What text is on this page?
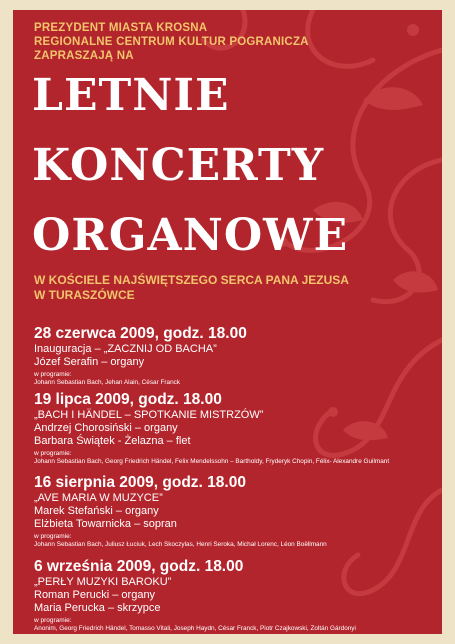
PREZYDENT MIASTA KROSNA
REGIONALNE CENTRUM KULTUR POGRANICZA
ZAPRASZAJĄ NA
LETNIE
KONCERTY
ORGANOWE
W KOŚCIELE NAJŚWIĘTSZEGO SERCA PANA JEZUSA
W TURASZÓWCE
28 czerwca 2009, godz. 18.00
Inauguracja – „ZACZNIJ OD BACHA”
Józef Serafin – organy
w programie:
Johann Sebastian Bach, Jehan Alain, César Franck
19 lipca 2009, godz. 18.00
„BACH I HÄNDEL – SPOTKANIE MISTRZÓW”
Andrzej Chorosiński – organy
Barbara Świątek - Żelazna – flet
w programie:
Johann Sebastian Bach, Georg Friedrich Händel, Felix Mendelssohn – Bartholdy, Fryderyk Chopin, Félix- Alexandre Guilmant
16 sierpnia 2009, godz. 18.00
„AVE MARIA W MUZYCE”
Marek Stefański – organy
Elżbieta Towarnicka – sopran
w programie:
Johann Sebastian Bach, Juliusz Łuciuk, Lech Skoczylas, Henri Seroka, Michał Lorenc, Léon Boëllmann
6 września 2009, godz. 18.00
„PERŁY MUZYKI BAROKU”
Roman Perucki – organy
Maria Perucka – skrzypce
w programie:
Anonim, Georg Friedrich Händel, Tomasso Vitali, Joseph Haydn, César Franck, Piotr Czajkowski, Zoltán Gárdonyi
